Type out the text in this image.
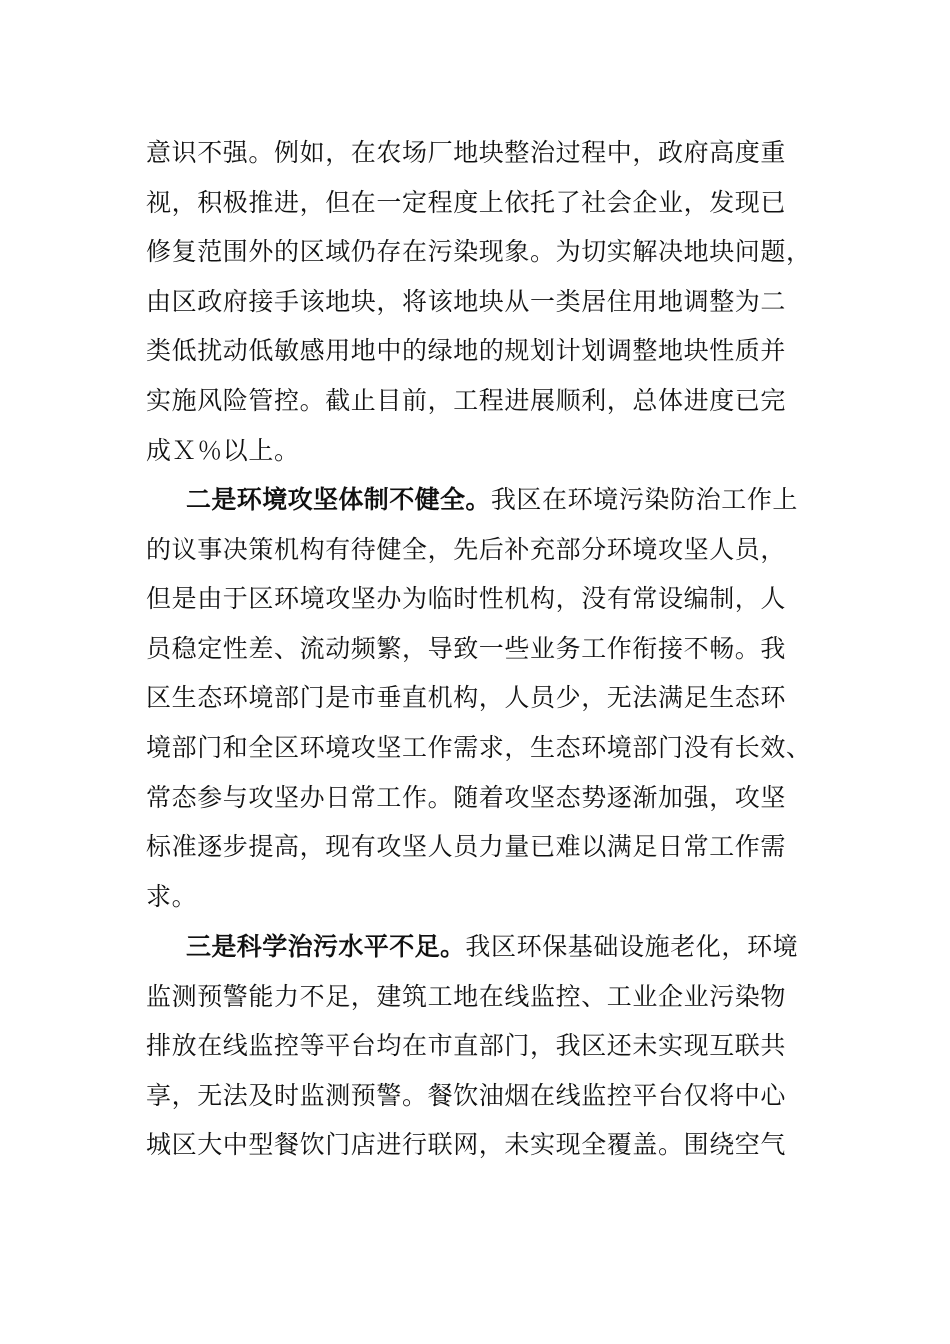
意识不强。例如，在农场厂地块整治过程中，政府高度重
视，积极推进，但在一定程度上依托了社会企业，发现已
修复范围外的区域仍存在污染现象。为切实解决地块问题，
由区政府接手该地块，将该地块从一类居住用地调整为二
类低扰动低敏感用地中的绿地的规划计划调整地块性质并
实施风险管控。截止目前，工程进展顺利，总体进度已完
成Ｘ％以上。
二是环境攻坚体制不健全。我区在环境污染防治工作上
的议事决策机构有待健全，先后补充部分环境攻坚人员，
但是由于区环境攻坚办为临时性机构，没有常设编制，人
员稳定性差、流动频繁，导致一些业务工作衔接不畅。我
区生态环境部门是市垂直机构，人员少，无法满足生态环
境部门和全区环境攻坚工作需求，生态环境部门没有长效、
常态参与攻坚办日常工作。随着攻坚态势逐渐加强，攻坚
标准逐步提高，现有攻坚人员力量已难以满足日常工作需
求。
三是科学治污水平不足。我区环保基础设施老化，环境
监测预警能力不足，建筑工地在线监控、工业企业污染物
排放在线监控等平台均在市直部门，我区还未实现互联共
享，无法及时监测预警。餐饮油烟在线监控平台仅将中心
城区大中型餐饮门店进行联网，未实现全覆盖。围绕空气
